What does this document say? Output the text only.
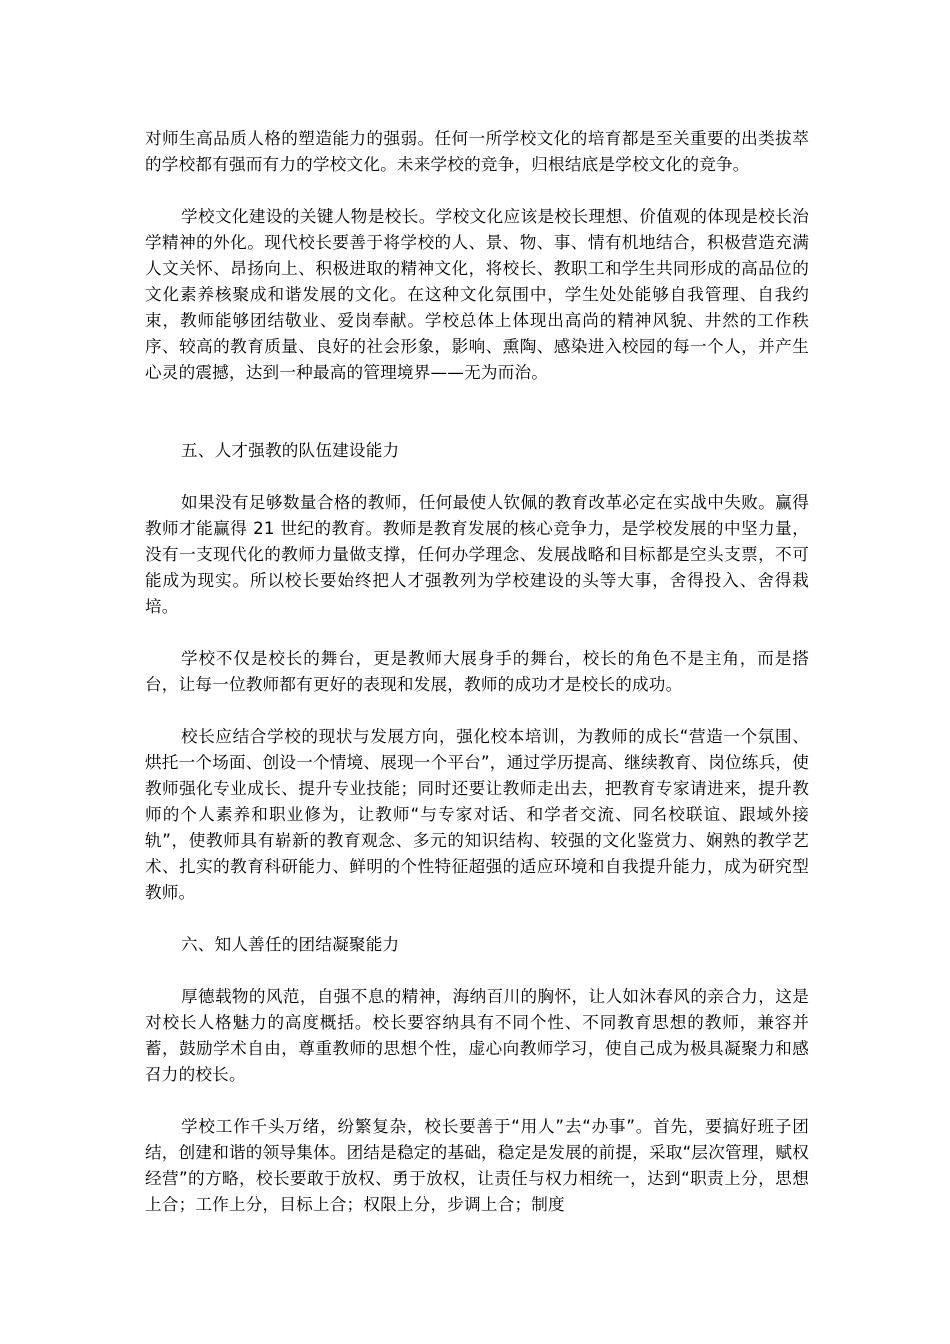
对师生高品质人格的塑造能力的强弱。任何一所学校文化的培育都是至关重要的出类拔萃的学校都有强而有力的学校文化。未来学校的竞争，归根结底是学校文化的竞争。

学校文化建设的关键人物是校长。学校文化应该是校长理想、价值观的体现是校长治学精神的外化。现代校长要善于将学校的人、景、物、事、情有机地结合，积极营造充满人文关怀、昂扬向上、积极进取的精神文化，将校长、教职工和学生共同形成的高品位的文化素养核聚成和谐发展的文化。在这种文化氛围中，学生处处能够自我管理、自我约束，教师能够团结敬业、爱岗奉献。学校总体上体现出高尚的精神风貌、井然的工作秩序、较高的教育质量、良好的社会形象，影响、熏陶、感染进入校园的每一个人，并产生心灵的震撼，达到一种最高的管理境界——无为而治。

五、人才强教的队伍建设能力

如果没有足够数量合格的教师，任何最使人钦佩的教育改革必定在实战中失败。赢得教师才能赢得 21 世纪的教育。教师是教育发展的核心竞争力，是学校发展的中坚力量，没有一支现代化的教师力量做支撑，任何办学理念、发展战略和目标都是空头支票，不可能成为现实。所以校长要始终把人才强教列为学校建设的头等大事，舍得投入、舍得栽培。

学校不仅是校长的舞台，更是教师大展身手的舞台，校长的角色不是主角，而是搭台，让每一位教师都有更好的表现和发展，教师的成功才是校长的成功。

校长应结合学校的现状与发展方向，强化校本培训，为教师的成长“营造一个氛围、烘托一个场面、创设一个情境、展现一个平台”，通过学历提高、继续教育、岗位练兵，使教师强化专业成长、提升专业技能；同时还要让教师走出去，把教育专家请进来，提升教师的个人素养和职业修为，让教师“与专家对话、和学者交流、同名校联谊、跟域外接轨”，使教师具有崭新的教育观念、多元的知识结构、较强的文化鉴赏力、娴熟的教学艺术、扎实的教育科研能力、鲜明的个性特征超强的适应环境和自我提升能力，成为研究型教师。

六、知人善任的团结凝聚能力

厚德载物的风范，自强不息的精神，海纳百川的胸怀，让人如沐春风的亲合力，这是对校长人格魅力的高度概括。校长要容纳具有不同个性、不同教育思想的教师，兼容并蓄，鼓励学术自由，尊重教师的思想个性，虚心向教师学习，使自己成为极具凝聚力和感召力的校长。

学校工作千头万绪，纷繁复杂，校长要善于“用人”去“办事”。首先，要搞好班子团结，创建和谐的领导集体。团结是稳定的基础，稳定是发展的前提，采取“层次管理，赋权经营”的方略，校长要敢于放权、勇于放权，让责任与权力相统一，达到“职责上分，思想上合；工作上分，目标上合；权限上分，步调上合；制度
